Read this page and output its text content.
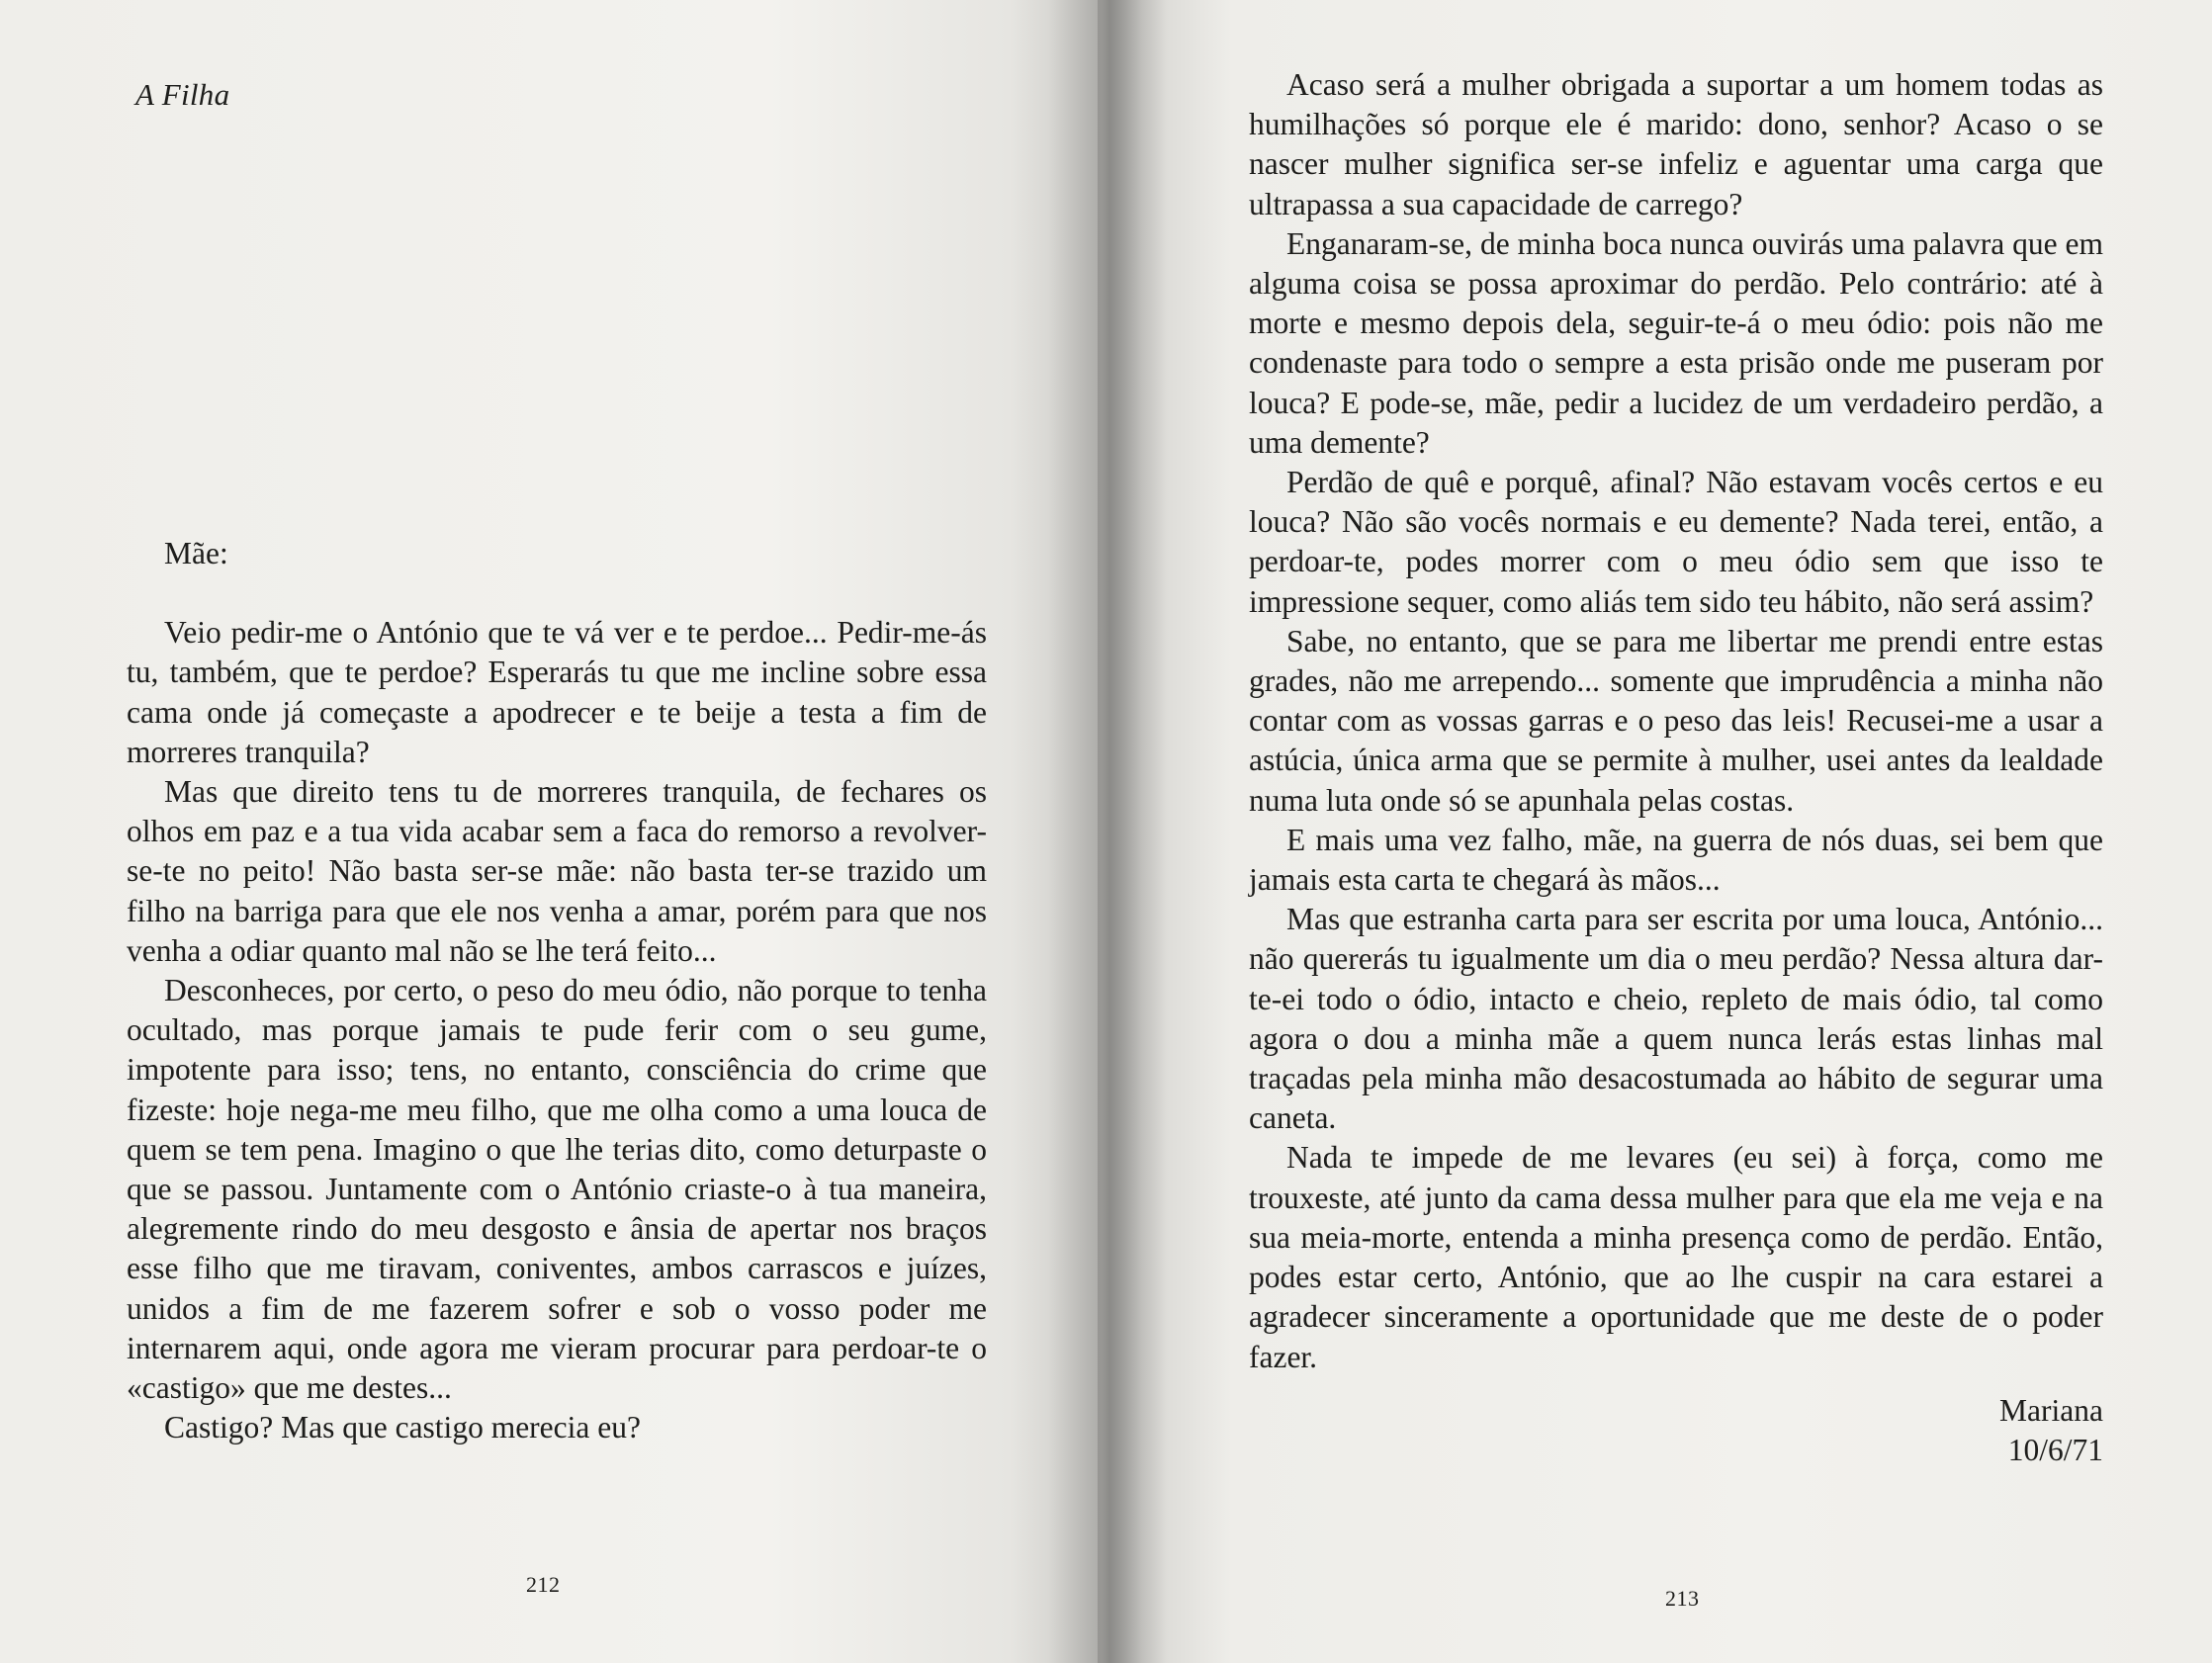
A Filha

Mãe:

Veio pedir-me o António que te vá ver e te perdoe... Pedir-me-ás tu, também, que te perdoe? Esperarás tu que me incline sobre essa cama onde já começaste a apodrecer e te beije a testa a fim de morreres tranquila?

Mas que direito tens tu de morreres tranquila, de fechares os olhos em paz e a tua vida acabar sem a faca do remorso a revolver-se-te no peito! Não basta ser-se mãe: não basta ter-se trazido um filho na barriga para que ele nos venha a amar, porém para que nos venha a odiar quanto mal não se lhe terá feito...

Desconheces, por certo, o peso do meu ódio, não porque to tenha ocultado, mas porque jamais te pude ferir com o seu gume, impotente para isso; tens, no entanto, consciência do crime que fizeste: hoje nega-me meu filho, que me olha como a uma louca de quem se tem pena. Imagino o que lhe terias dito, como deturpaste o que se passou. Juntamente com o António criaste-o à tua maneira, alegremente rindo do meu desgosto e ânsia de apertar nos braços esse filho que me tiravam, coniventes, ambos carrascos e juízes, unidos a fim de me fazerem sofrer e sob o vosso poder me internarem aqui, onde agora me vieram procurar para perdoar-te o «castigo» que me destes...

Castigo? Mas que castigo merecia eu?

212

Acaso será a mulher obrigada a suportar a um homem todas as humilhações só porque ele é marido: dono, senhor? Acaso o se nascer mulher significa ser-se infeliz e aguentar uma carga que ultrapassa a sua capacidade de carrego?

Enganaram-se, de minha boca nunca ouvirás uma palavra que em alguma coisa se possa aproximar do perdão. Pelo contrário: até à morte e mesmo depois dela, seguir-te-á o meu ódio: pois não me condenaste para todo o sempre a esta prisão onde me puseram por louca? E pode-se, mãe, pedir a lucidez de um verdadeiro perdão, a uma demente?

Perdão de quê e porquê, afinal? Não estavam vocês certos e eu louca? Não são vocês normais e eu demente? Nada terei, então, a perdoar-te, podes morrer com o meu ódio sem que isso te impressione sequer, como aliás tem sido teu hábito, não será assim?

Sabe, no entanto, que se para me libertar me prendi entre estas grades, não me arrependo... somente que imprudência a minha não contar com as vossas garras e o peso das leis! Recusei-me a usar a astúcia, única arma que se permite à mulher, usei antes da lealdade numa luta onde só se apunhala pelas costas.

E mais uma vez falho, mãe, na guerra de nós duas, sei bem que jamais esta carta te chegará às mãos...

Mas que estranha carta para ser escrita por uma louca, António... não quererás tu igualmente um dia o meu perdão? Nessa altura dar-te-ei todo o ódio, intacto e cheio, repleto de mais ódio, tal como agora o dou a minha mãe a quem nunca lerás estas linhas mal traçadas pela minha mão desacostumada ao hábito de segurar uma caneta.

Nada te impede de me levares (eu sei) à força, como me trouxeste, até junto da cama dessa mulher para que ela me veja e na sua meia-morte, entenda a minha presença como de perdão. Então, podes estar certo, António, que ao lhe cuspir na cara estarei a agradecer sinceramente a oportunidade que me deste de o poder fazer.

Mariana

10/6/71

213
